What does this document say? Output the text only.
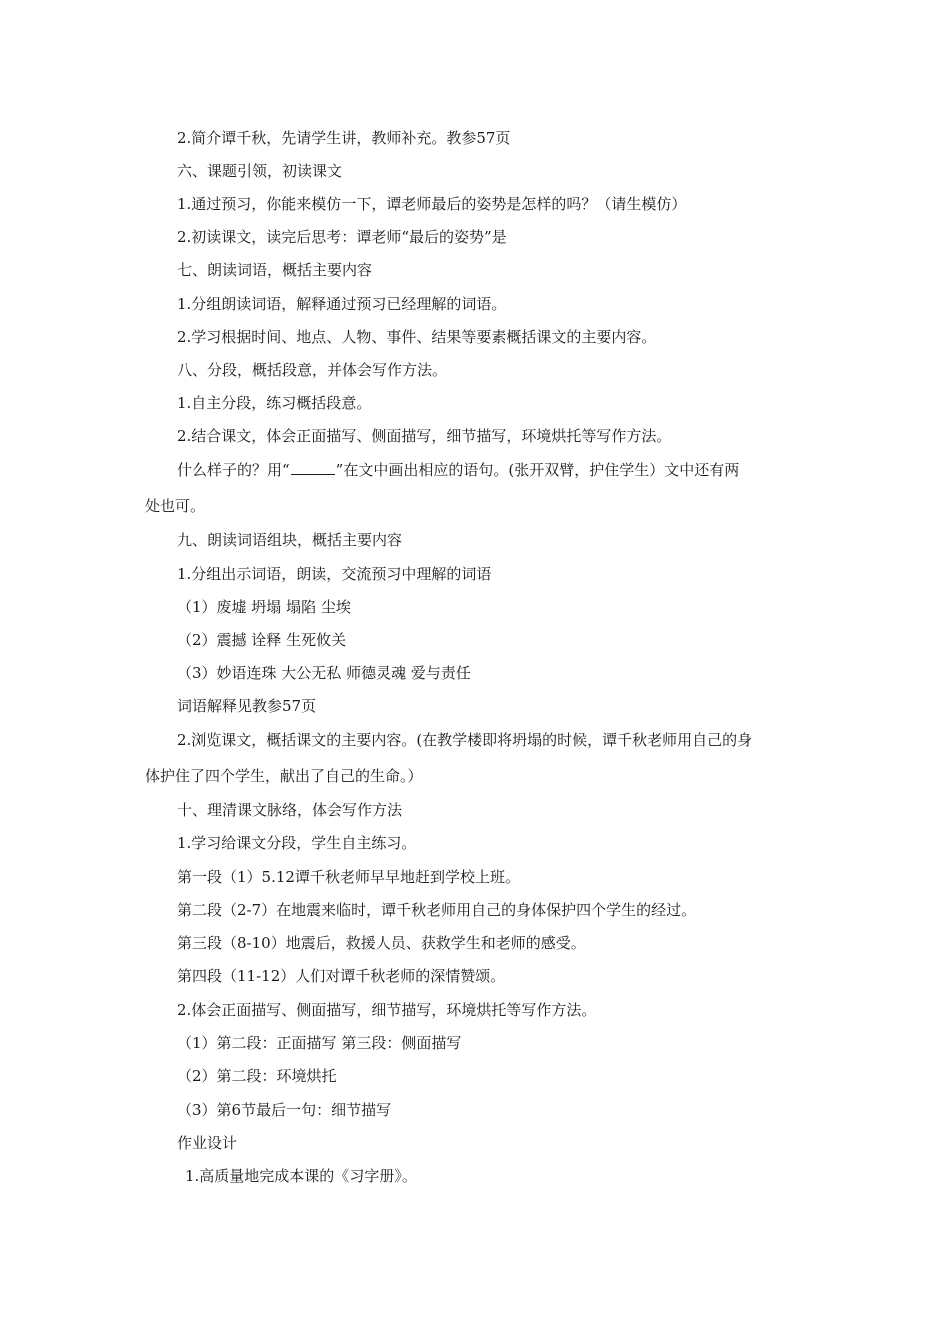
2.简介谭千秋，先请学生讲，教师补充。教参57页
六、课题引领，初读课文
1.通过预习，你能来模仿一下，谭老师最后的姿势是怎样的吗？（请生模仿）
2.初读课文，读完后思考：谭老师“最后的姿势”是
七、朗读词语，概括主要内容
1.分组朗读词语，解释通过预习已经理解的词语。
2.学习根据时间、地点、人物、事件、结果等要素概括课文的主要内容。
八、分段，概括段意，并体会写作方法。
1.自主分段，练习概括段意。
2.结合课文，体会正面描写、侧面描写，细节描写，环境烘托等写作方法。
什么样子的？用“	”在文中画出相应的语句。(张开双臂，护住学生）文中还有两
处也可。
九、朗读词语组块，概括主要内容
1.分组出示词语，朗读，交流预习中理解的词语
（1）废墟 坍塌 塌陷 尘埃
（2）震撼 诠释 生死攸关
（3）妙语连珠 大公无私 师德灵魂 爱与责任
词语解释见教参57页
2.浏览课文，概括课文的主要内容。(在教学楼即将坍塌的时候，谭千秋老师用自己的身
体护住了四个学生，献出了自己的生命。）
十、理清课文脉络，体会写作方法
1.学习给课文分段，学生自主练习。
第一段（1）5.12谭千秋老师早早地赶到学校上班。
第二段（2-7）在地震来临时，谭千秋老师用自己的身体保护四个学生的经过。
第三段（8-10）地震后，救援人员、获救学生和老师的感受。
第四段（11-12）人们对谭千秋老师的深情赞颂。
2.体会正面描写、侧面描写，细节描写，环境烘托等写作方法。
（1）第二段：正面描写 第三段：侧面描写
（2）第二段：环境烘托
（3）第6节最后一句：细节描写
作业设计
1.高质量地完成本课的《习字册》。
